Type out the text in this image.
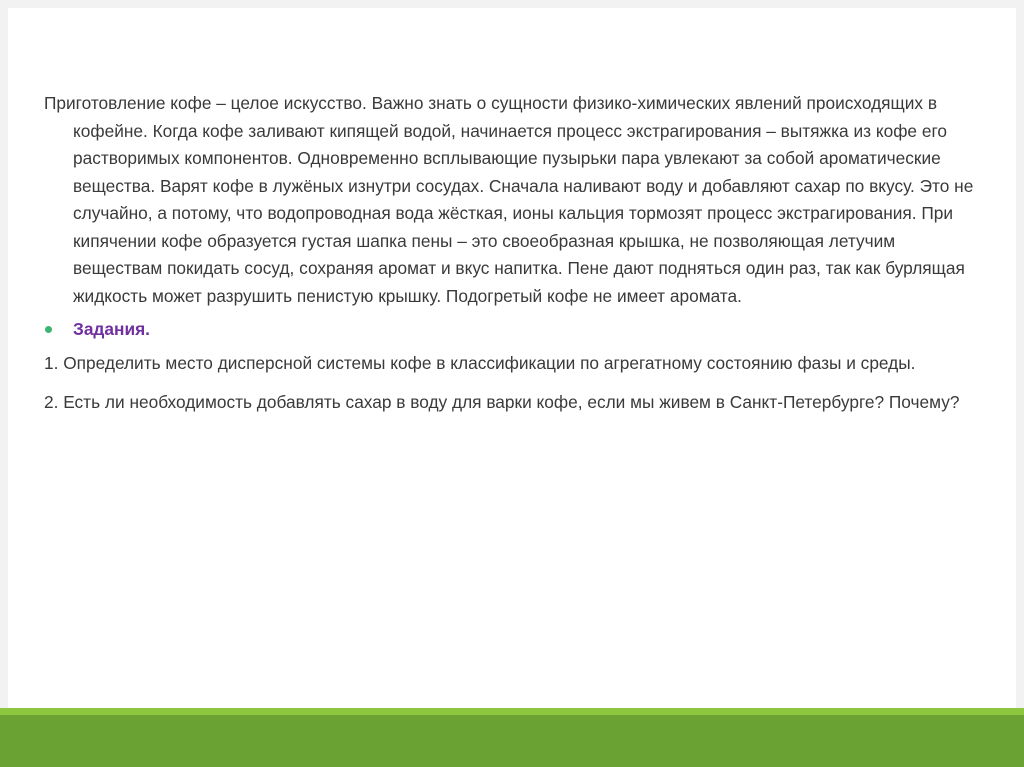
Приготовление кофе – целое искусство. Важно знать о сущности физико-химических явлений происходящих в кофейне. Когда кофе заливают кипящей водой, начинается процесс экстрагирования – вытяжка из кофе его растворимых компонентов. Одновременно всплывающие пузырьки пара увлекают за собой ароматические вещества. Варят кофе в лужёных изнутри сосудах. Сначала наливают воду и добавляют сахар по вкусу. Это не случайно, а потому, что водопроводная вода жёсткая, ионы кальция тормозят процесс экстрагирования. При кипячении кофе образуется густая шапка пены – это своеобразная крышка, не позволяющая летучим веществам покидать сосуд, сохраняя аромат и вкус напитка. Пене дают подняться один раз, так как бурлящая жидкость может разрушить пенистую крышку. Подогретый кофе не имеет аромата.

Задания.

1. Определить место дисперсной системы кофе в классификации по агрегатному состоянию фазы и среды.

2. Есть ли необходимость добавлять сахар в воду для варки кофе, если мы живем в Санкт-Петербурге? Почему?
